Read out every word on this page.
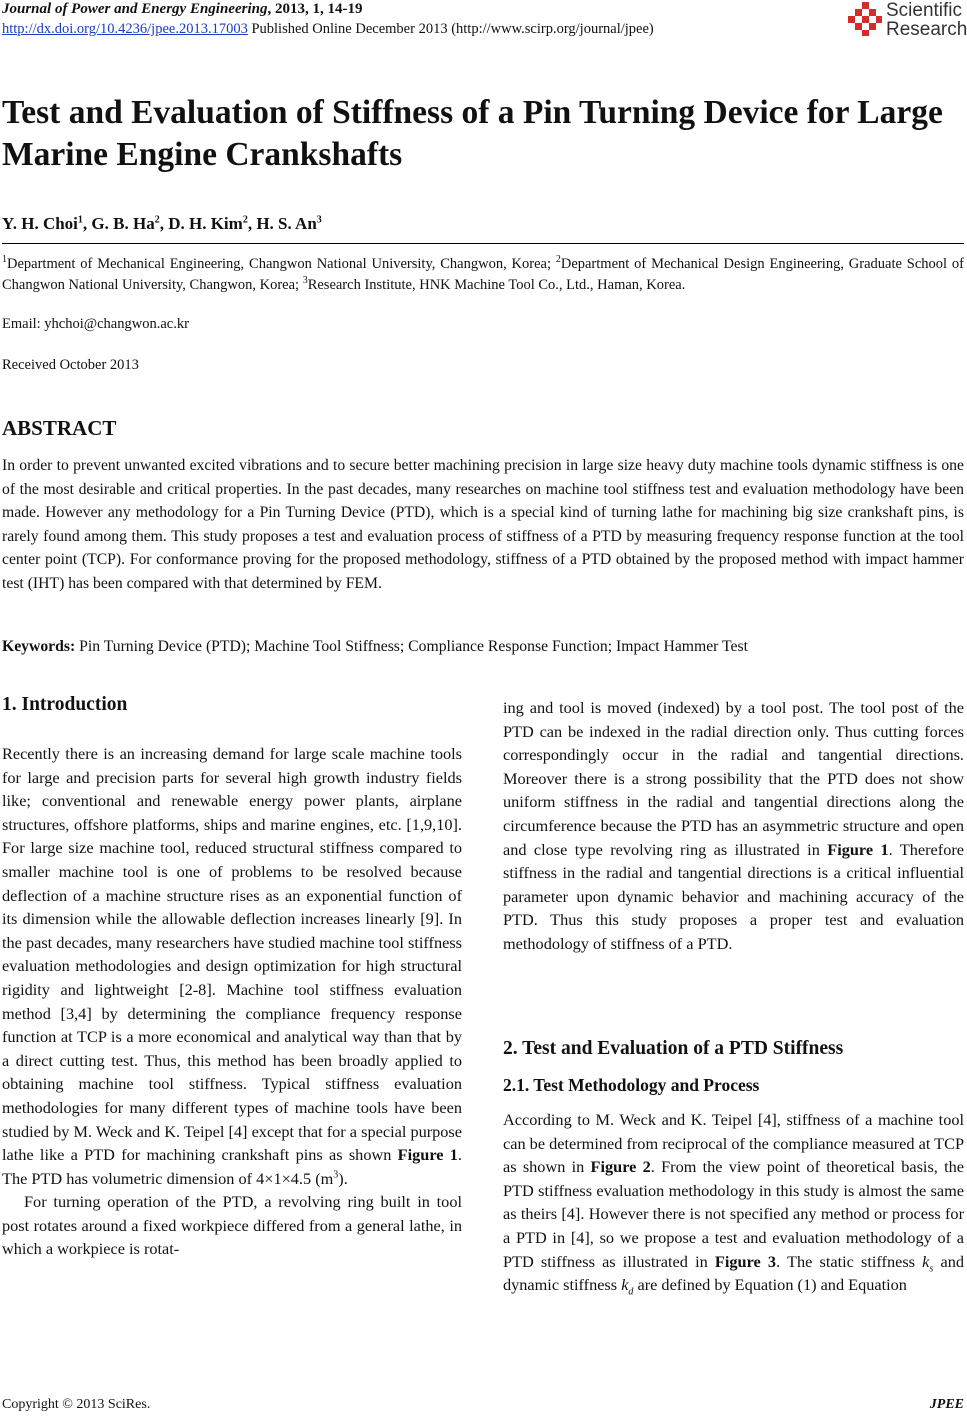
Journal of Power and Energy Engineering, 2013, 1, 14-19
http://dx.doi.org/10.4236/jpee.2013.17003 Published Online December 2013 (http://www.scirp.org/journal/jpee)
Scientific
Research
Test and Evaluation of Stiffness of a Pin Turning Device for Large Marine Engine Crankshafts
Y. H. Choi$^1$, G. B. Ha$^2$, D. H. Kim$^2$, H. S. An$^3$
$^1$Department of Mechanical Engineering, Changwon National University, Changwon, Korea; $^2$Department of Mechanical Design Engineering, Graduate School of Changwon National University, Changwon, Korea; $^3$Research Institute, HNK Machine Tool Co., Ltd., Haman, Korea.
Email: yhchoi@changwon.ac.kr
Received October 2013
ABSTRACT
In order to prevent unwanted excited vibrations and to secure better machining precision in large size heavy duty machine tools dynamic stiffness is one of the most desirable and critical properties. In the past decades, many researches on machine tool stiffness test and evaluation methodology have been made. However any methodology for a Pin Turning Device (PTD), which is a special kind of turning lathe for machining big size crankshaft pins, is rarely found among them. This study proposes a test and evaluation process of stiffness of a PTD by measuring frequency response function at the tool center point (TCP). For conformance proving for the proposed methodology, stiffness of a PTD obtained by the proposed method with impact hammer test (IHT) has been compared with that determined by FEM.
Keywords: Pin Turning Device (PTD); Machine Tool Stiffness; Compliance Response Function; Impact Hammer Test
1. Introduction

Recently there is an increasing demand for large scale machine tools for large and precision parts for several high growth industry fields like; conventional and renewable energy power plants, airplane structures, offshore platforms, ships and marine engines, etc. [1,9,10]. For large size machine tool, reduced structural stiffness compared to smaller machine tool is one of problems to be resolved because deflection of a machine structure rises as an exponential function of its dimension while the allowable deflection increases linearly [9]. In the past decades, many researchers have studied machine tool stiffness evaluation methodologies and design optimization for high structural rigidity and lightweight [2-8]. Machine tool stiffness evaluation method [3,4] by determining the compliance frequency response function at TCP is a more economical and analytical way than that by a direct cutting test. Thus, this method has been broadly applied to obtaining machine tool stiffness. Typical stiffness evaluation methodologies for many different types of machine tools have been studied by M. Weck and K. Teipel [4] except that for a special purpose lathe like a PTD for machining crankshaft pins as shown Figure 1. The PTD has volumetric dimension of 4×1×4.5 $(m^3)$.

For turning operation of the PTD, a revolving ring built in tool post rotates around a fixed workpiece differed from a general lathe, in which a workpiece is rotat-

ing and tool is moved (indexed) by a tool post. The tool post of the PTD can be indexed in the radial direction only. Thus cutting forces correspondingly occur in the radial and tangential directions. Moreover there is a strong possibility that the PTD does not show uniform stiffness in the radial and tangential directions along the circumference because the PTD has an asymmetric structure and open and close type revolving ring as illustrated in Figure 1. Therefore stiffness in the radial and tangential directions is a critical influential parameter upon dynamic behavior and machining accuracy of the PTD. Thus this study proposes a proper test and evaluation methodology of stiffness of a PTD.

2. Test and Evaluation of a PTD Stiffness
2.1. Test Methodology and Process

According to M. Weck and K. Teipel [4], stiffness of a machine tool can be determined from reciprocal of the compliance measured at TCP as shown in Figure 2. From the view point of theoretical basis, the PTD stiffness evaluation methodology in this study is almost the same as theirs [4]. However there is not specified any method or process for a PTD in [4], so we propose a test and evaluation methodology of a PTD stiffness as illustrated in Figure 3. The static stiffness $k_s$ and dynamic stiffness $k_d$ are defined by Equation (1) and Equation

Copyright © 2013 SciRes.	JPEE
